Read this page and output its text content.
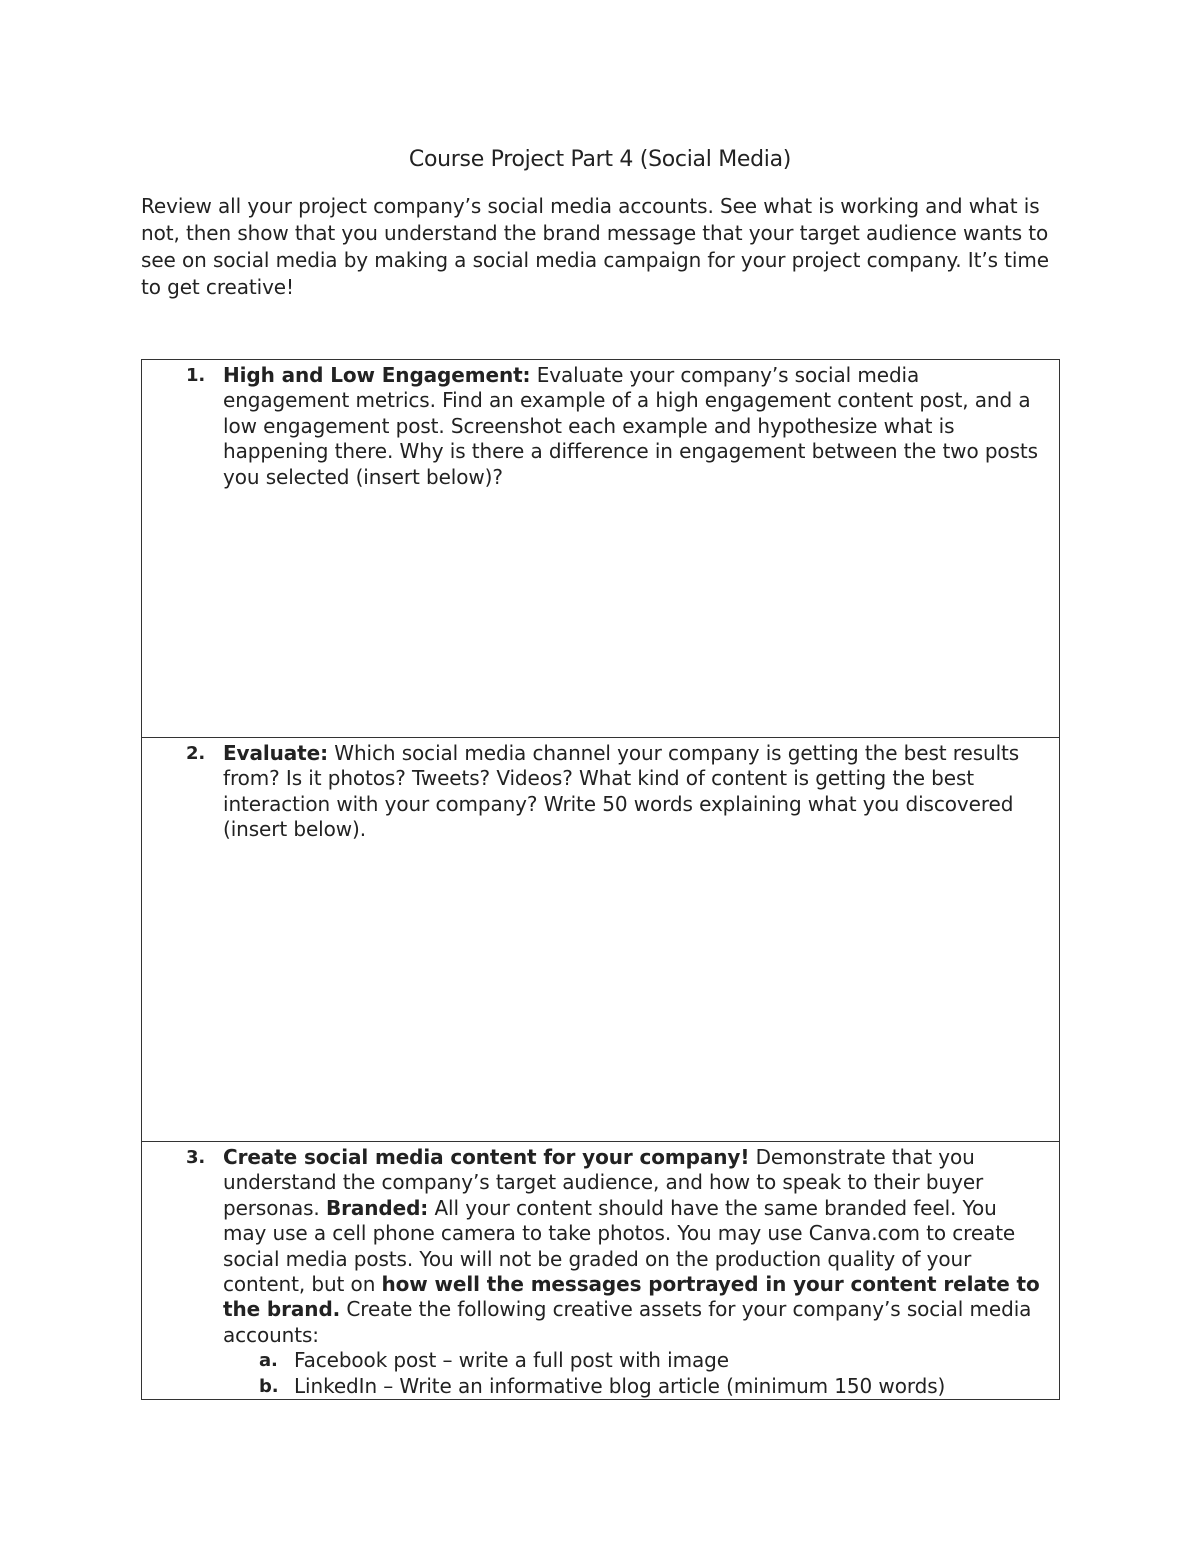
Course Project Part 4 (Social Media)

Review all your project company’s social media accounts. See what is working and what is not, then show that you understand the brand message that your target audience wants to see on social media by making a social media campaign for your project company. It’s time to get creative!

1. High and Low Engagement: Evaluate your company’s social media engagement metrics. Find an example of a high engagement content post, and a low engagement post. Screenshot each example and hypothesize what is happening there. Why is there a difference in engagement between the two posts you selected (insert below)?

2. Evaluate: Which social media channel your company is getting the best results from? Is it photos? Tweets? Videos? What kind of content is getting the best interaction with your company? Write 50 words explaining what you discovered (insert below).

3. Create social media content for your company! Demonstrate that you understand the company’s target audience, and how to speak to their buyer personas. Branded: All your content should have the same branded feel. You may use a cell phone camera to take photos. You may use Canva.com to create social media posts. You will not be graded on the production quality of your content, but on how well the messages portrayed in your content relate to the brand. Create the following creative assets for your company’s social media accounts:
a. Facebook post – write a full post with image
b. LinkedIn – Write an informative blog article (minimum 150 words)
